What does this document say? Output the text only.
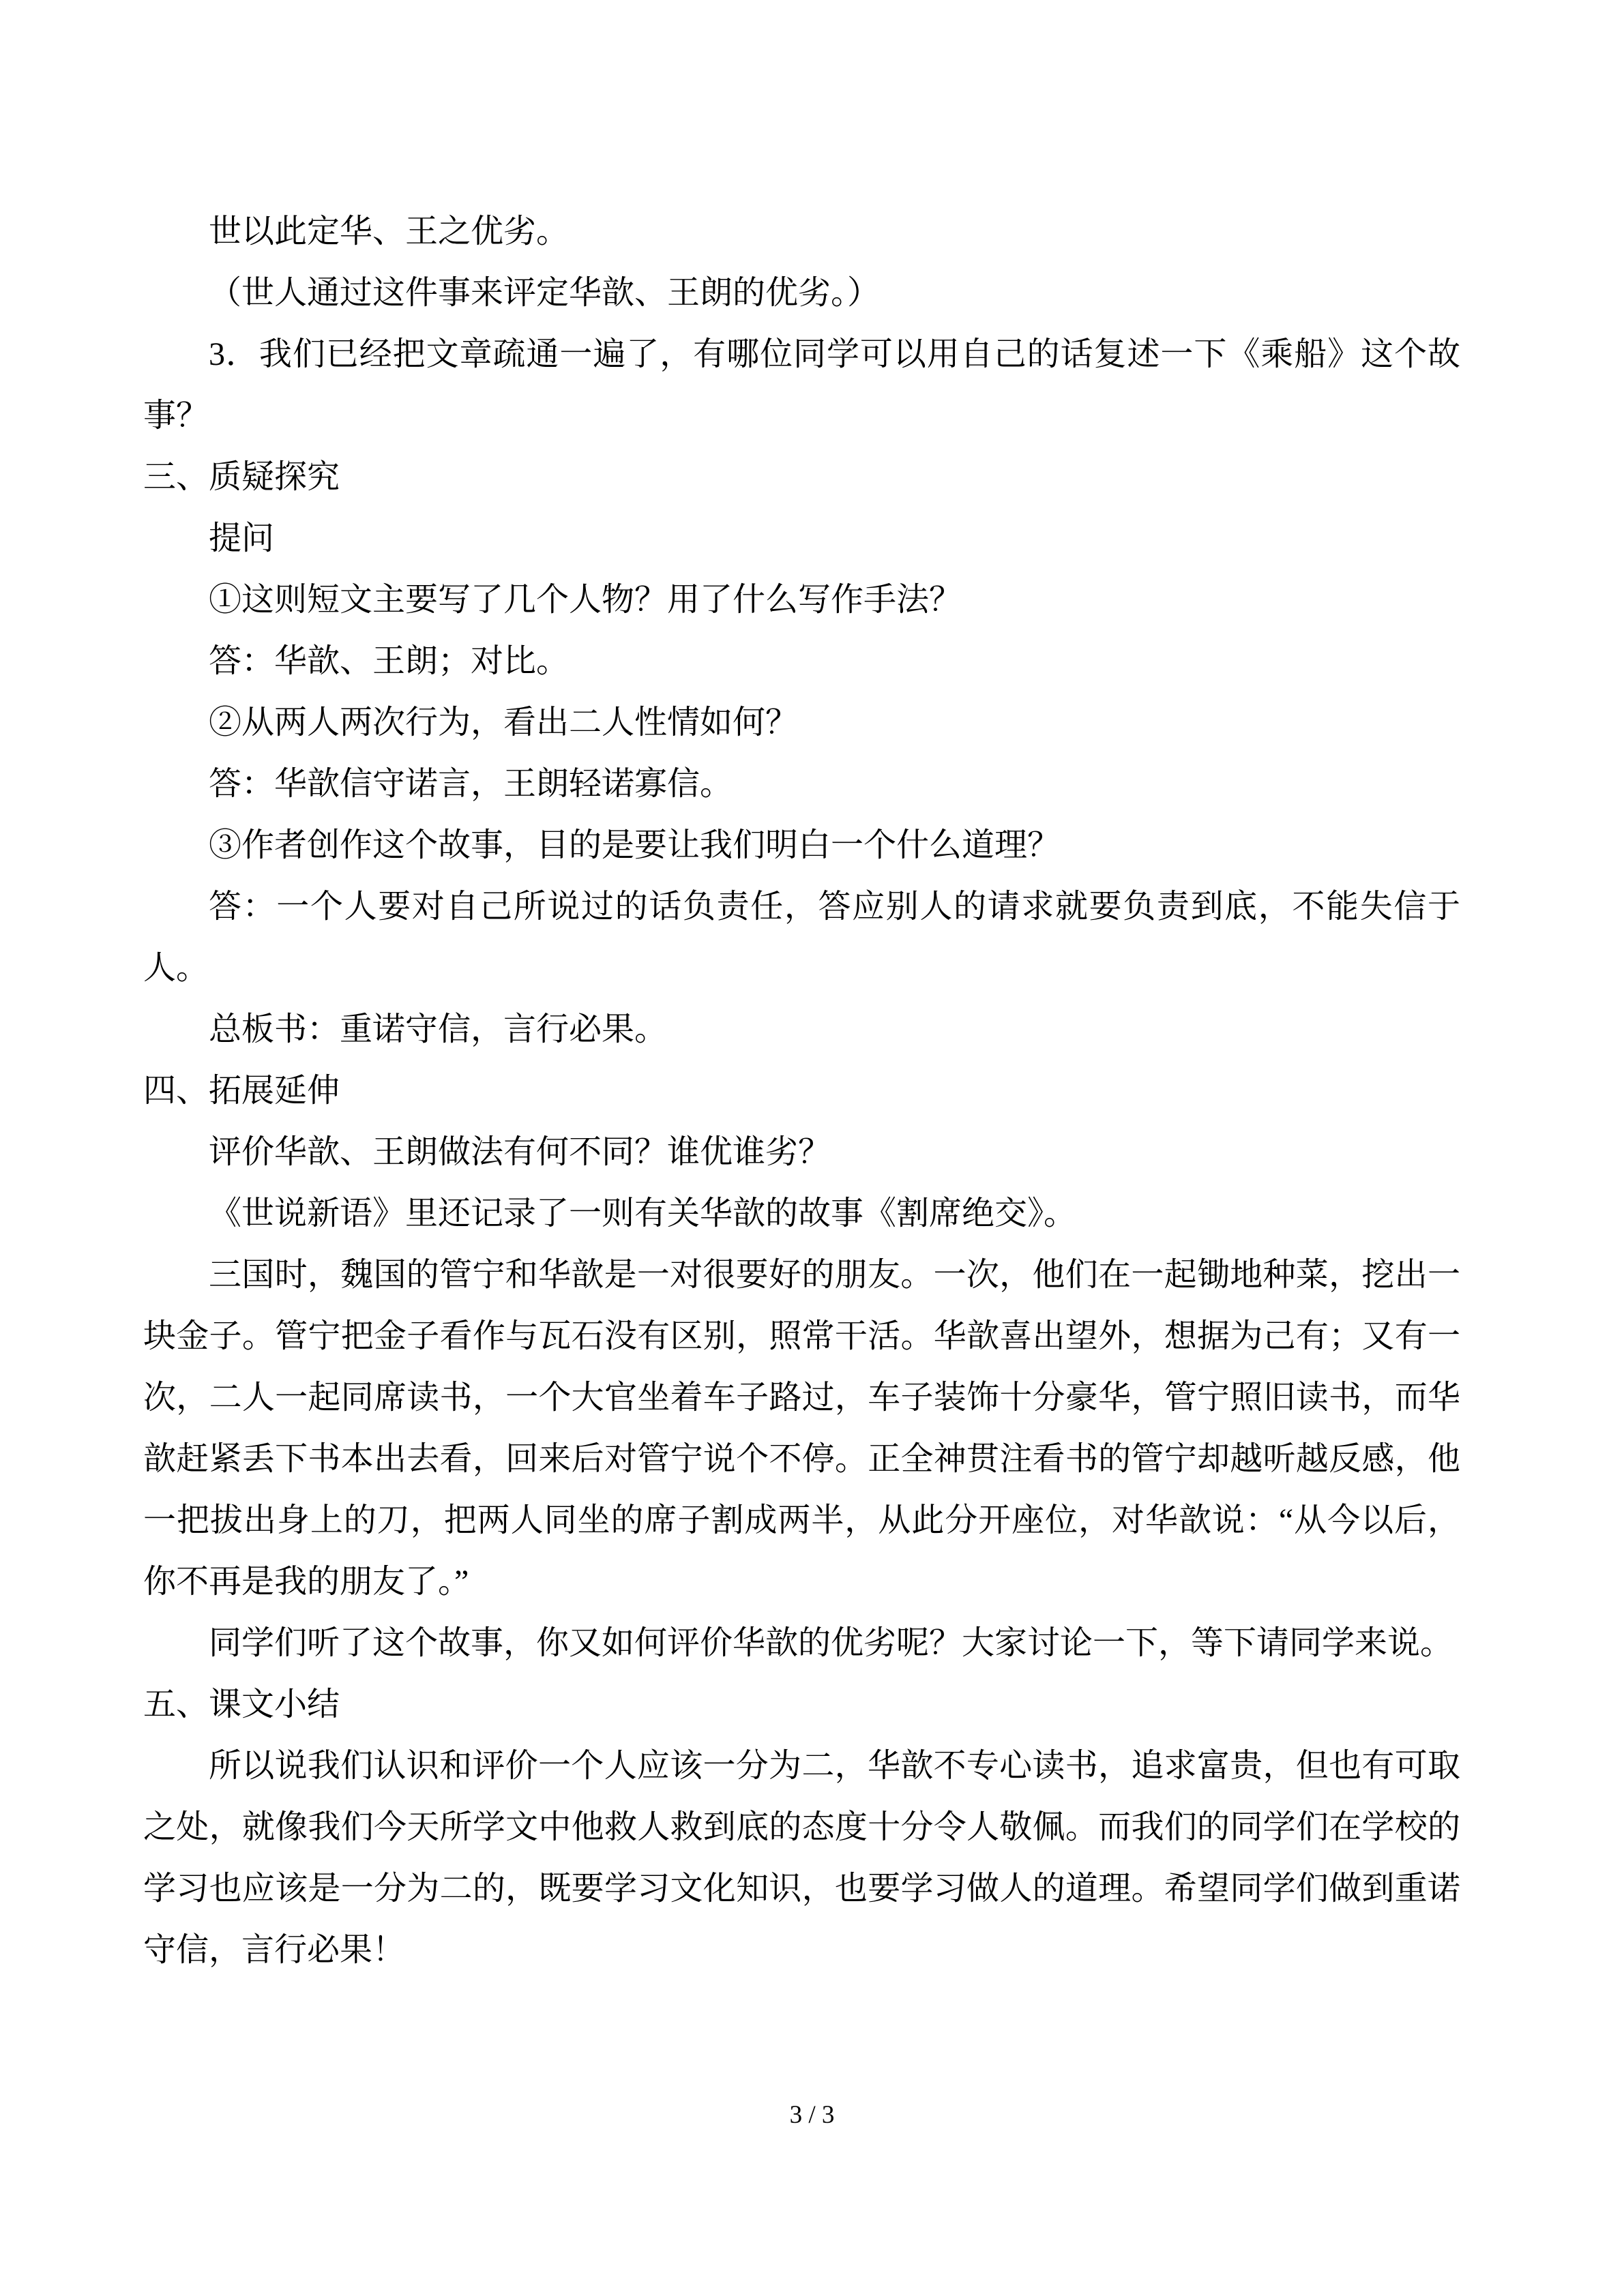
世以此定华、王之优劣。

（世人通过这件事来评定华歆、王朗的优劣。）

3．我们已经把文章疏通一遍了，有哪位同学可以用自己的话复述一下《乘船》这个故事？

三、质疑探究

提问

①这则短文主要写了几个人物？用了什么写作手法？

答：华歆、王朗；对比。

②从两人两次行为，看出二人性情如何？

答：华歆信守诺言，王朗轻诺寡信。

③作者创作这个故事，目的是要让我们明白一个什么道理？

答：一个人要对自己所说过的话负责任，答应别人的请求就要负责到底，不能失信于人。

总板书：重诺守信，言行必果。

四、拓展延伸

评价华歆、王朗做法有何不同？谁优谁劣？

《世说新语》里还记录了一则有关华歆的故事《割席绝交》。

三国时，魏国的管宁和华歆是一对很要好的朋友。一次，他们在一起锄地种菜，挖出一块金子。管宁把金子看作与瓦石没有区别，照常干活。华歆喜出望外，想据为己有；又有一次，二人一起同席读书，一个大官坐着车子路过，车子装饰十分豪华，管宁照旧读书，而华歆赶紧丢下书本出去看，回来后对管宁说个不停。正全神贯注看书的管宁却越听越反感，他一把拔出身上的刀，把两人同坐的席子割成两半，从此分开座位，对华歆说：“从今以后，你不再是我的朋友了。”

同学们听了这个故事，你又如何评价华歆的优劣呢？大家讨论一下，等下请同学来说。

五、课文小结

所以说我们认识和评价一个人应该一分为二，华歆不专心读书，追求富贵，但也有可取之处，就像我们今天所学文中他救人救到底的态度十分令人敬佩。而我们的同学们在学校的学习也应该是一分为二的，既要学习文化知识，也要学习做人的道理。希望同学们做到重诺守信，言行必果！

3 / 3
